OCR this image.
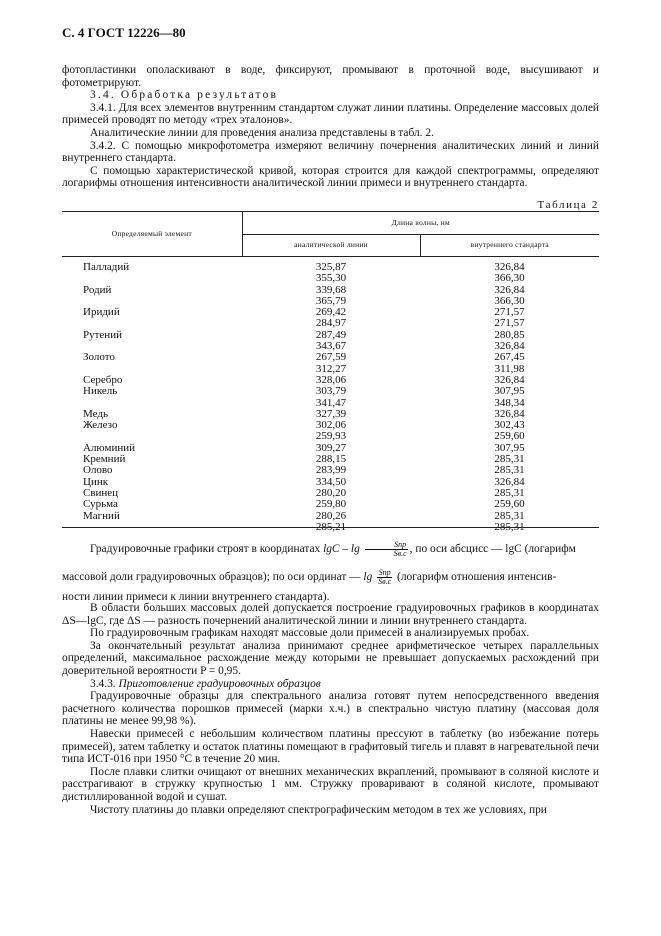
С. 4 ГОСТ 12226—80

фотопластинки ополаскивают в воде, фиксируют, промывают в проточной воде, высушивают и фотометрируют.

3.4. Обработка результатов

3.4.1. Для всех элементов внутренним стандартом служат линии платины. Определение массовых долей примесей проводят по методу «трех эталонов».

Аналитические линии для проведения анализа представлены в табл. 2.

3.4.2. С помощью микрофотометра измеряют величину почернения аналитических линий и линий внутреннего стандарта.

С помощью характеристической кривой, которая строится для каждой спектрограммы, определяют логарифмы отношения интенсивности аналитической линии примеси и внутреннего стандарта.

Таблица 2
Определяемый элемент	Длина волны, нм	
	аналитической линии	внутреннего стандарта

Палладий	325,87	326,84
	355,30	366,30
Родий	339,68	326,84
	365,79	366,30
Иридий	269,42	271,57
	284,97	271,57
Рутений	287,49	280,85
	343,67	326,84
Золото	267,59	267,45
	312,27	311,98
Серебро	328,06	326,84
Никель	303,79	307,95
	341,47	348,34
Медь	327,39	326,84
Железо	302,06	302,43
	259,93	259,60
Алюминий	309,27	307,95
Кремний	288,15	285,31
Олово	283,99	285,31
Цинк	334,50	326,84
Свинец	280,20	285,31
Сурьма	259,80	259,60
Магний	280,26	285,31
	285,21	285,31

Градуировочные графики строят в координатах lgC – $\lg \frac{\text{Sпр}}{Sв.с}$ , по оси абсцисс — lgC (логарифм

массовой доли градуировочных образцов); по оси ординат — $\lg \frac{\text{Sпр}}{Sв.с}$ (логарифм отношения интенсив-

ности линии примеси к линии внутреннего стандарта).

В области больших массовых долей допускается построение градуировочных графиков в координатах ΔS—lgC, где ΔS — разность почернений аналитической линии и линии внутреннего стандарта.

По градуировочным графикам находят массовые доли примесей в анализируемых пробах.

За окончательный результат анализа принимают среднее арифметическое четырех параллельных определений, максимальное расхождение между которыми не превышает допускаемых расхождений при доверительной вероятности P = 0,95.

3.4.3. Приготовление градуировочных образцов

Градуировочные образцы для спектрального анализа готовят путем непосредственного введения расчетного количества порошков примесей (марки х.ч.) в спектрально чистую платину (массовая доля платины не менее 99,98 %).

Навески примесей с небольшим количеством платины прессуют в таблетку (во избежание потерь примесей), затем таблетку и остаток платины помещают в графитовый тигель и плавят в нагревательной печи типа ИСТ-016 при 1950 °С в течение 20 мин.

После плавки слитки очищают от внешних механических вкраплений, промывают в соляной кислоте и расстрагивают в стружку крупностью 1 мм. Стружку проваривают в соляной кислоте, промывают дистиллированной водой и сушат.

Чистоту платины до плавки определяют спектрографическим методом в тех же условиях, при
